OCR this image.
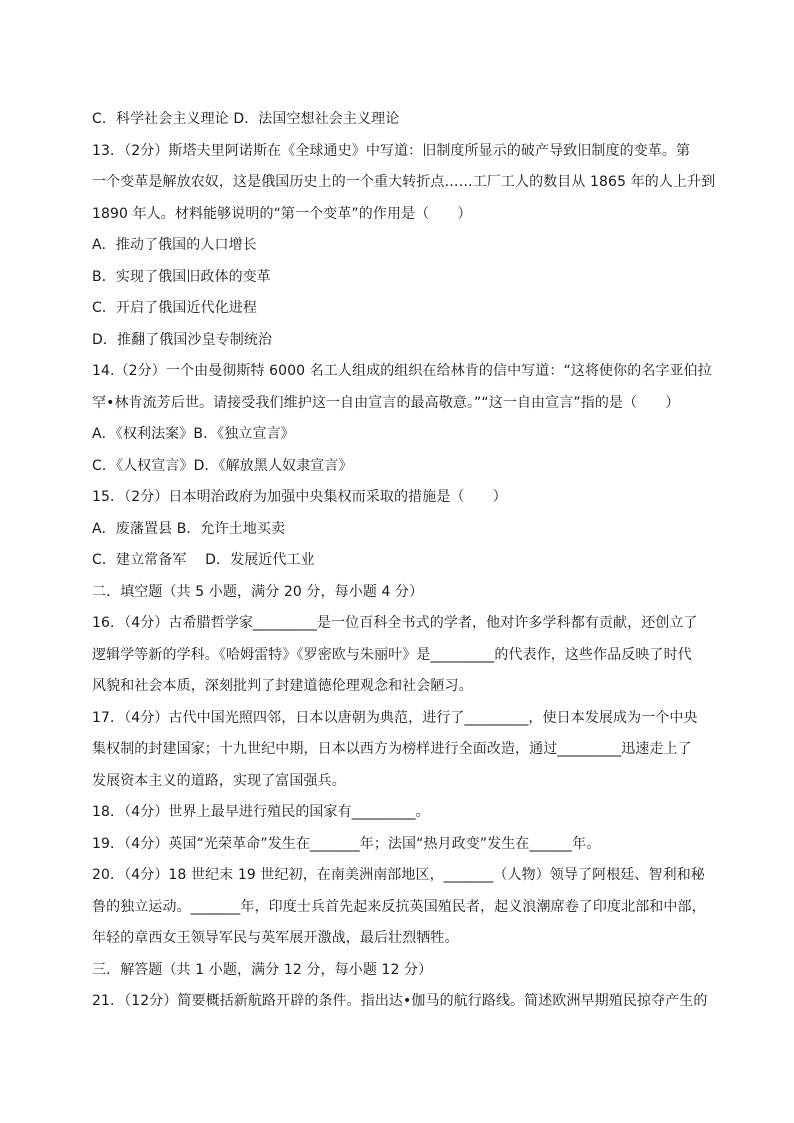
C．科学社会主义理论 D．法国空想社会主义理论
13．（2分）斯塔夫里阿诺斯在《全球通史》中写道：旧制度所显示的破产导致旧制度的变革。第
一个变革是解放农奴，这是俄国历史上的一个重大转折点……工厂工人的数目从 1865 年的人上升到
1890 年人。材料能够说明的“第一个变革”的作用是（　　）
A．推动了俄国的人口增长
B．实现了俄国旧政体的变革
C．开启了俄国近代化进程
D．推翻了俄国沙皇专制统治
14.（2分）一个由曼彻斯特 6000 名工人组成的组织在给林肯的信中写道：“这将使你的名字亚伯拉
罕•林肯流芳后世。请接受我们维护这一自由宣言的最高敬意。”“这一自由宣言”指的是（　　）
A．《权利法案》B．《独立宣言》
C．《人权宣言》D．《解放黑人奴隶宣言》
15．（2分）日本明治政府为加强中央集权而采取的措施是（　　）
A．废藩置县 B．允许土地买卖
C．建立常备军　 D．发展近代工业
二．填空题（共 5 小题，满分 20 分，每小题 4 分）
16．（4分）古希腊哲学家_________是一位百科全书式的学者，他对许多学科都有贡献，还创立了
逻辑学等新的学科。《哈姆雷特》《罗密欧与朱丽叶》是_________的代表作，这些作品反映了时代
风貌和社会本质，深刻批判了封建道德伦理观念和社会陋习。
17．（4分）古代中国光照四邻，日本以唐朝为典范，进行了_________，使日本发展成为一个中央
集权制的封建国家；十九世纪中期，日本以西方为榜样进行全面改造，通过_________迅速走上了
发展资本主义的道路，实现了富国强兵。
18．（4分）世界上最早进行殖民的国家有_________。
19．（4分）英国“光荣革命”发生在_______年；法国“热月政变”发生在______年。
20．（4分）18 世纪末 19 世纪初，在南美洲南部地区，_______（人物）领导了阿根廷、智利和秘
鲁的独立运动。_______年，印度士兵首先起来反抗英国殖民者，起义浪潮席卷了印度北部和中部，
年轻的章西女王领导军民与英军展开激战，最后壮烈牺牲。
三．解答题（共 1 小题，满分 12 分，每小题 12 分）
21．（12分）简要概括新航路开辟的条件。指出达•伽马的航行路线。简述欧洲早期殖民掠夺产生的
